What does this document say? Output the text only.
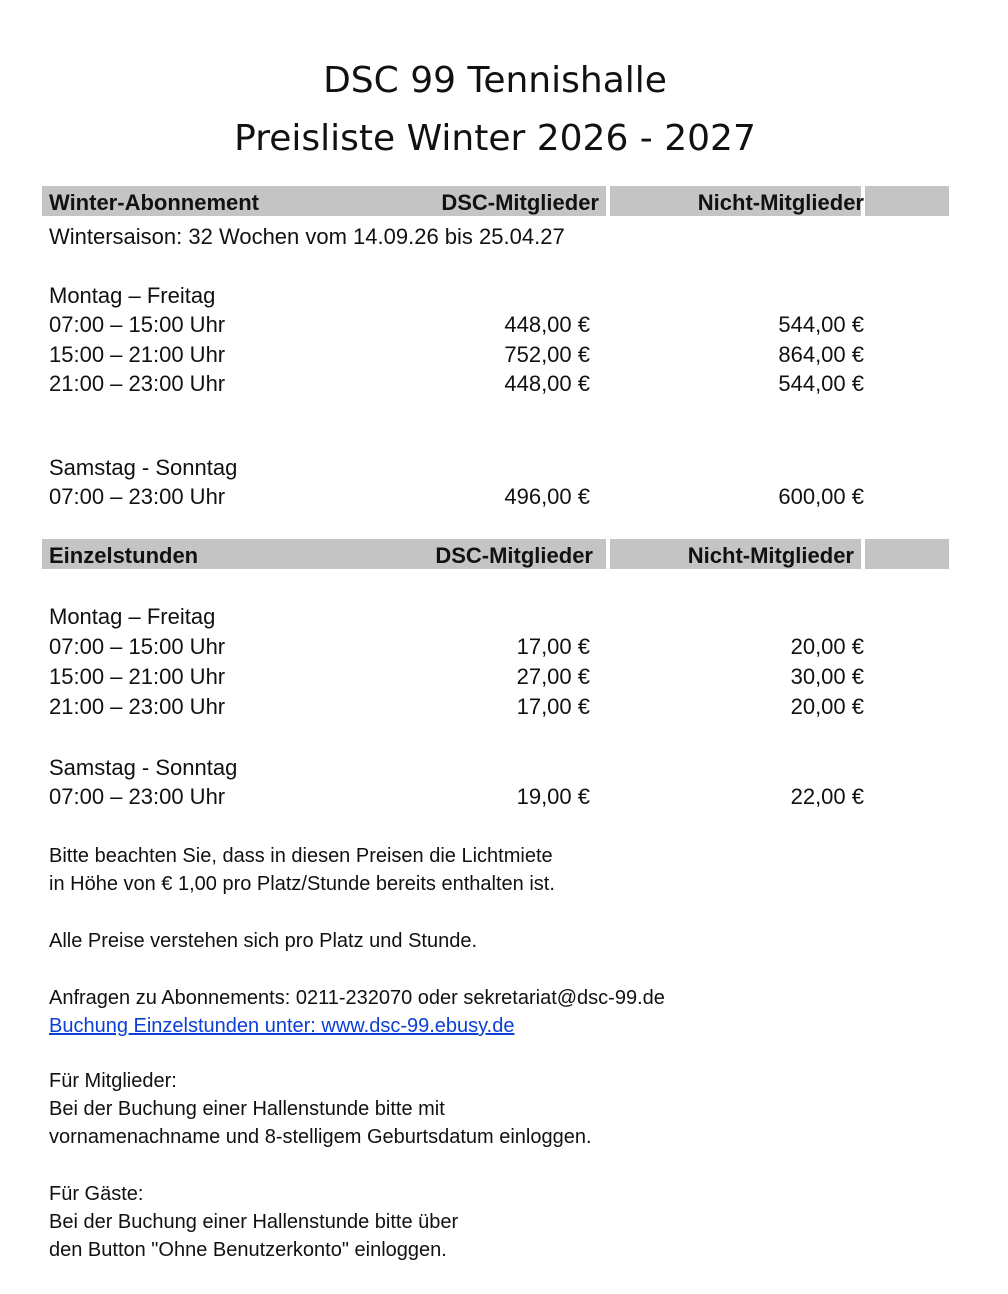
DSC 99 Tennishalle
Preisliste Winter 2026 - 2027
Winter-Abonnement	DSC-Mitglieder	Nicht-Mitglieder
Wintersaison: 32 Wochen vom 14.09.26 bis 25.04.27
Montag – Freitag
07:00 – 15:00 Uhr	448,00 €	544,00 €
15:00 – 21:00 Uhr	752,00 €	864,00 €
21:00 – 23:00 Uhr	448,00 €	544,00 €
Samstag - Sonntag
07:00 – 23:00 Uhr	496,00 €	600,00 €
Einzelstunden	DSC-Mitglieder	Nicht-Mitglieder
Montag – Freitag
07:00 – 15:00 Uhr	17,00 €	20,00 €
15:00 – 21:00 Uhr	27,00 €	30,00 €
21:00 – 23:00 Uhr	17,00 €	20,00 €
Samstag - Sonntag
07:00 – 23:00 Uhr	19,00 €	22,00 €
Bitte beachten Sie, dass in diesen Preisen die Lichtmiete
in Höhe von € 1,00 pro Platz/Stunde bereits enthalten ist.
Alle Preise verstehen sich pro Platz und Stunde.
Anfragen zu Abonnements: 0211-232070 oder sekretariat@dsc-99.de
Buchung Einzelstunden unter: www.dsc-99.ebusy.de
Für Mitglieder:
Bei der Buchung einer Hallenstunde bitte mit
vornamenachname und 8-stelligem Geburtsdatum einloggen.
Für Gäste:
Bei der Buchung einer Hallenstunde bitte über
den Button "Ohne Benutzerkonto" einloggen.
